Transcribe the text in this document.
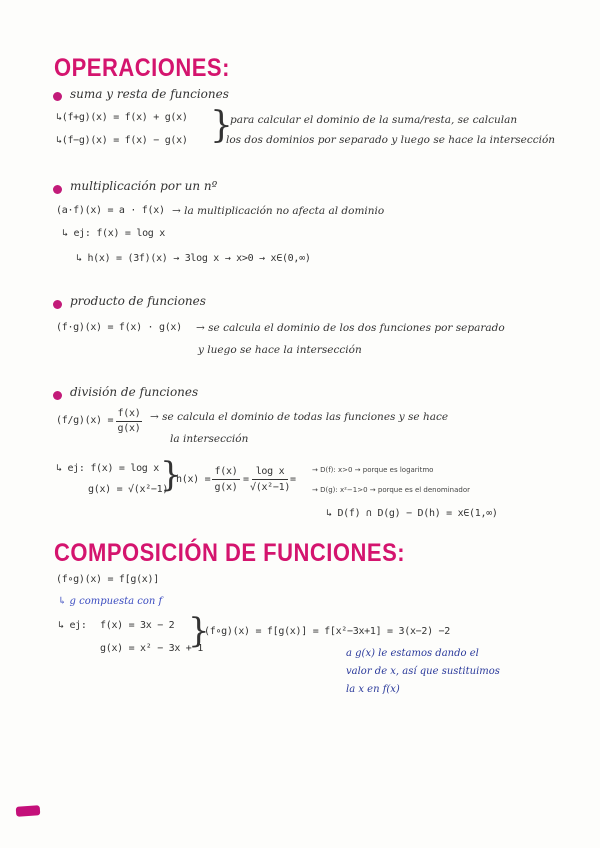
OPERACIONES:
suma y resta de funciones
↳(f+g)(x) = f(x) + g(x)
↳(f−g)(x) = f(x) − g(x) }
para calcular el dominio de la suma/resta, se calculan
los dos dominios por separado y luego se hace la intersección
multiplicación por un nº
(a·f)(x) = a · f(x) → la multiplicación no afecta al dominio
↳ ej: f(x) = log x
↳ h(x) = (3f)(x) → 3log x → x>0 → x∈(0,∞)
producto de funciones
(f·g)(x) = f(x) · g(x) → se calcula el dominio de los dos funciones por separado
y luego se hace la intersección
división de funciones
(f/g)(x) =
f(x)
g(x)
→ se calcula el dominio de todas las funciones y se hace
la intersección
↳ ej: f(x) = log x
g(x) = √(x²−1)
}
h(x) =
f(x)
g(x)
=
log x
√(x²−1)
=
→ D(f): x>0 → porque es logaritmo
→ D(g): x²−1>0 → porque es el denominador
↳ D(f) ∩ D(g) − D(h) = x∈(1,∞)
COMPOSICIÓN DE FUNCIONES:
(f∘g)(x) = f[g(x)]
↳ g compuesta con f
↳ ej: f(x) = 3x − 2
g(x) = x² − 3x + 1
}
(f∘g)(x) = f[g(x)] = f[x²−3x+1] = 3(x−2) −2
a g(x) le estamos dando el
valor de x, así que sustituimos
la x en f(x)
